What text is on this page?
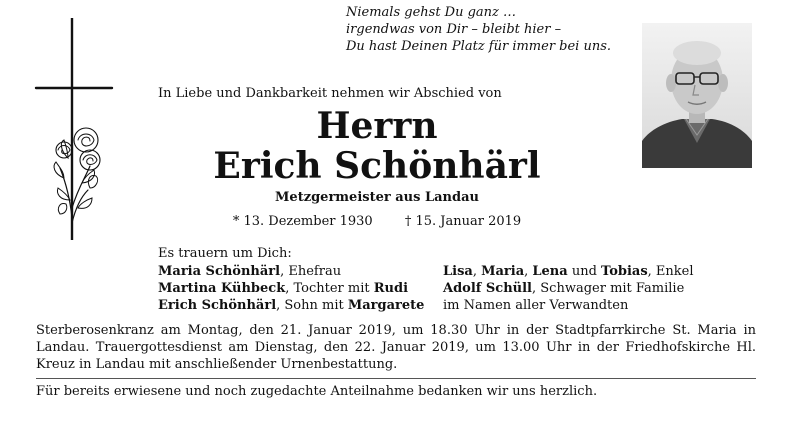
Niemals gehst Du ganz …
irgendwas von Dir – bleibt hier –
Du hast Deinen Platz für immer bei uns.
In Liebe und Dankbarkeit nehmen wir Abschied von
Herrn
Erich Schönhärl
Metzgermeister aus Landau
* 13. Dezember 1930 † 15. Januar 2019
Es trauern um Dich:
Maria Schönhärl, Ehefrau
Martina Kühbeck, Tochter mit Rudi
Erich Schönhärl, Sohn mit Margarete
Lisa, Maria, Lena und Tobias, Enkel
Adolf Schüll, Schwager mit Familie
im Namen aller Verwandten
Sterberosenkranz am Montag, den 21. Januar 2019, um 18.30 Uhr in der Stadtpfarrkirche St. Maria in Landau. Trauergottesdienst am Dienstag, den 22. Januar 2019, um 13.00 Uhr in der Friedhofskirche Hl. Kreuz in Landau mit anschließender Urnenbestattung.
Für bereits erwiesene und noch zugedachte Anteilnahme bedanken wir uns herzlich.
